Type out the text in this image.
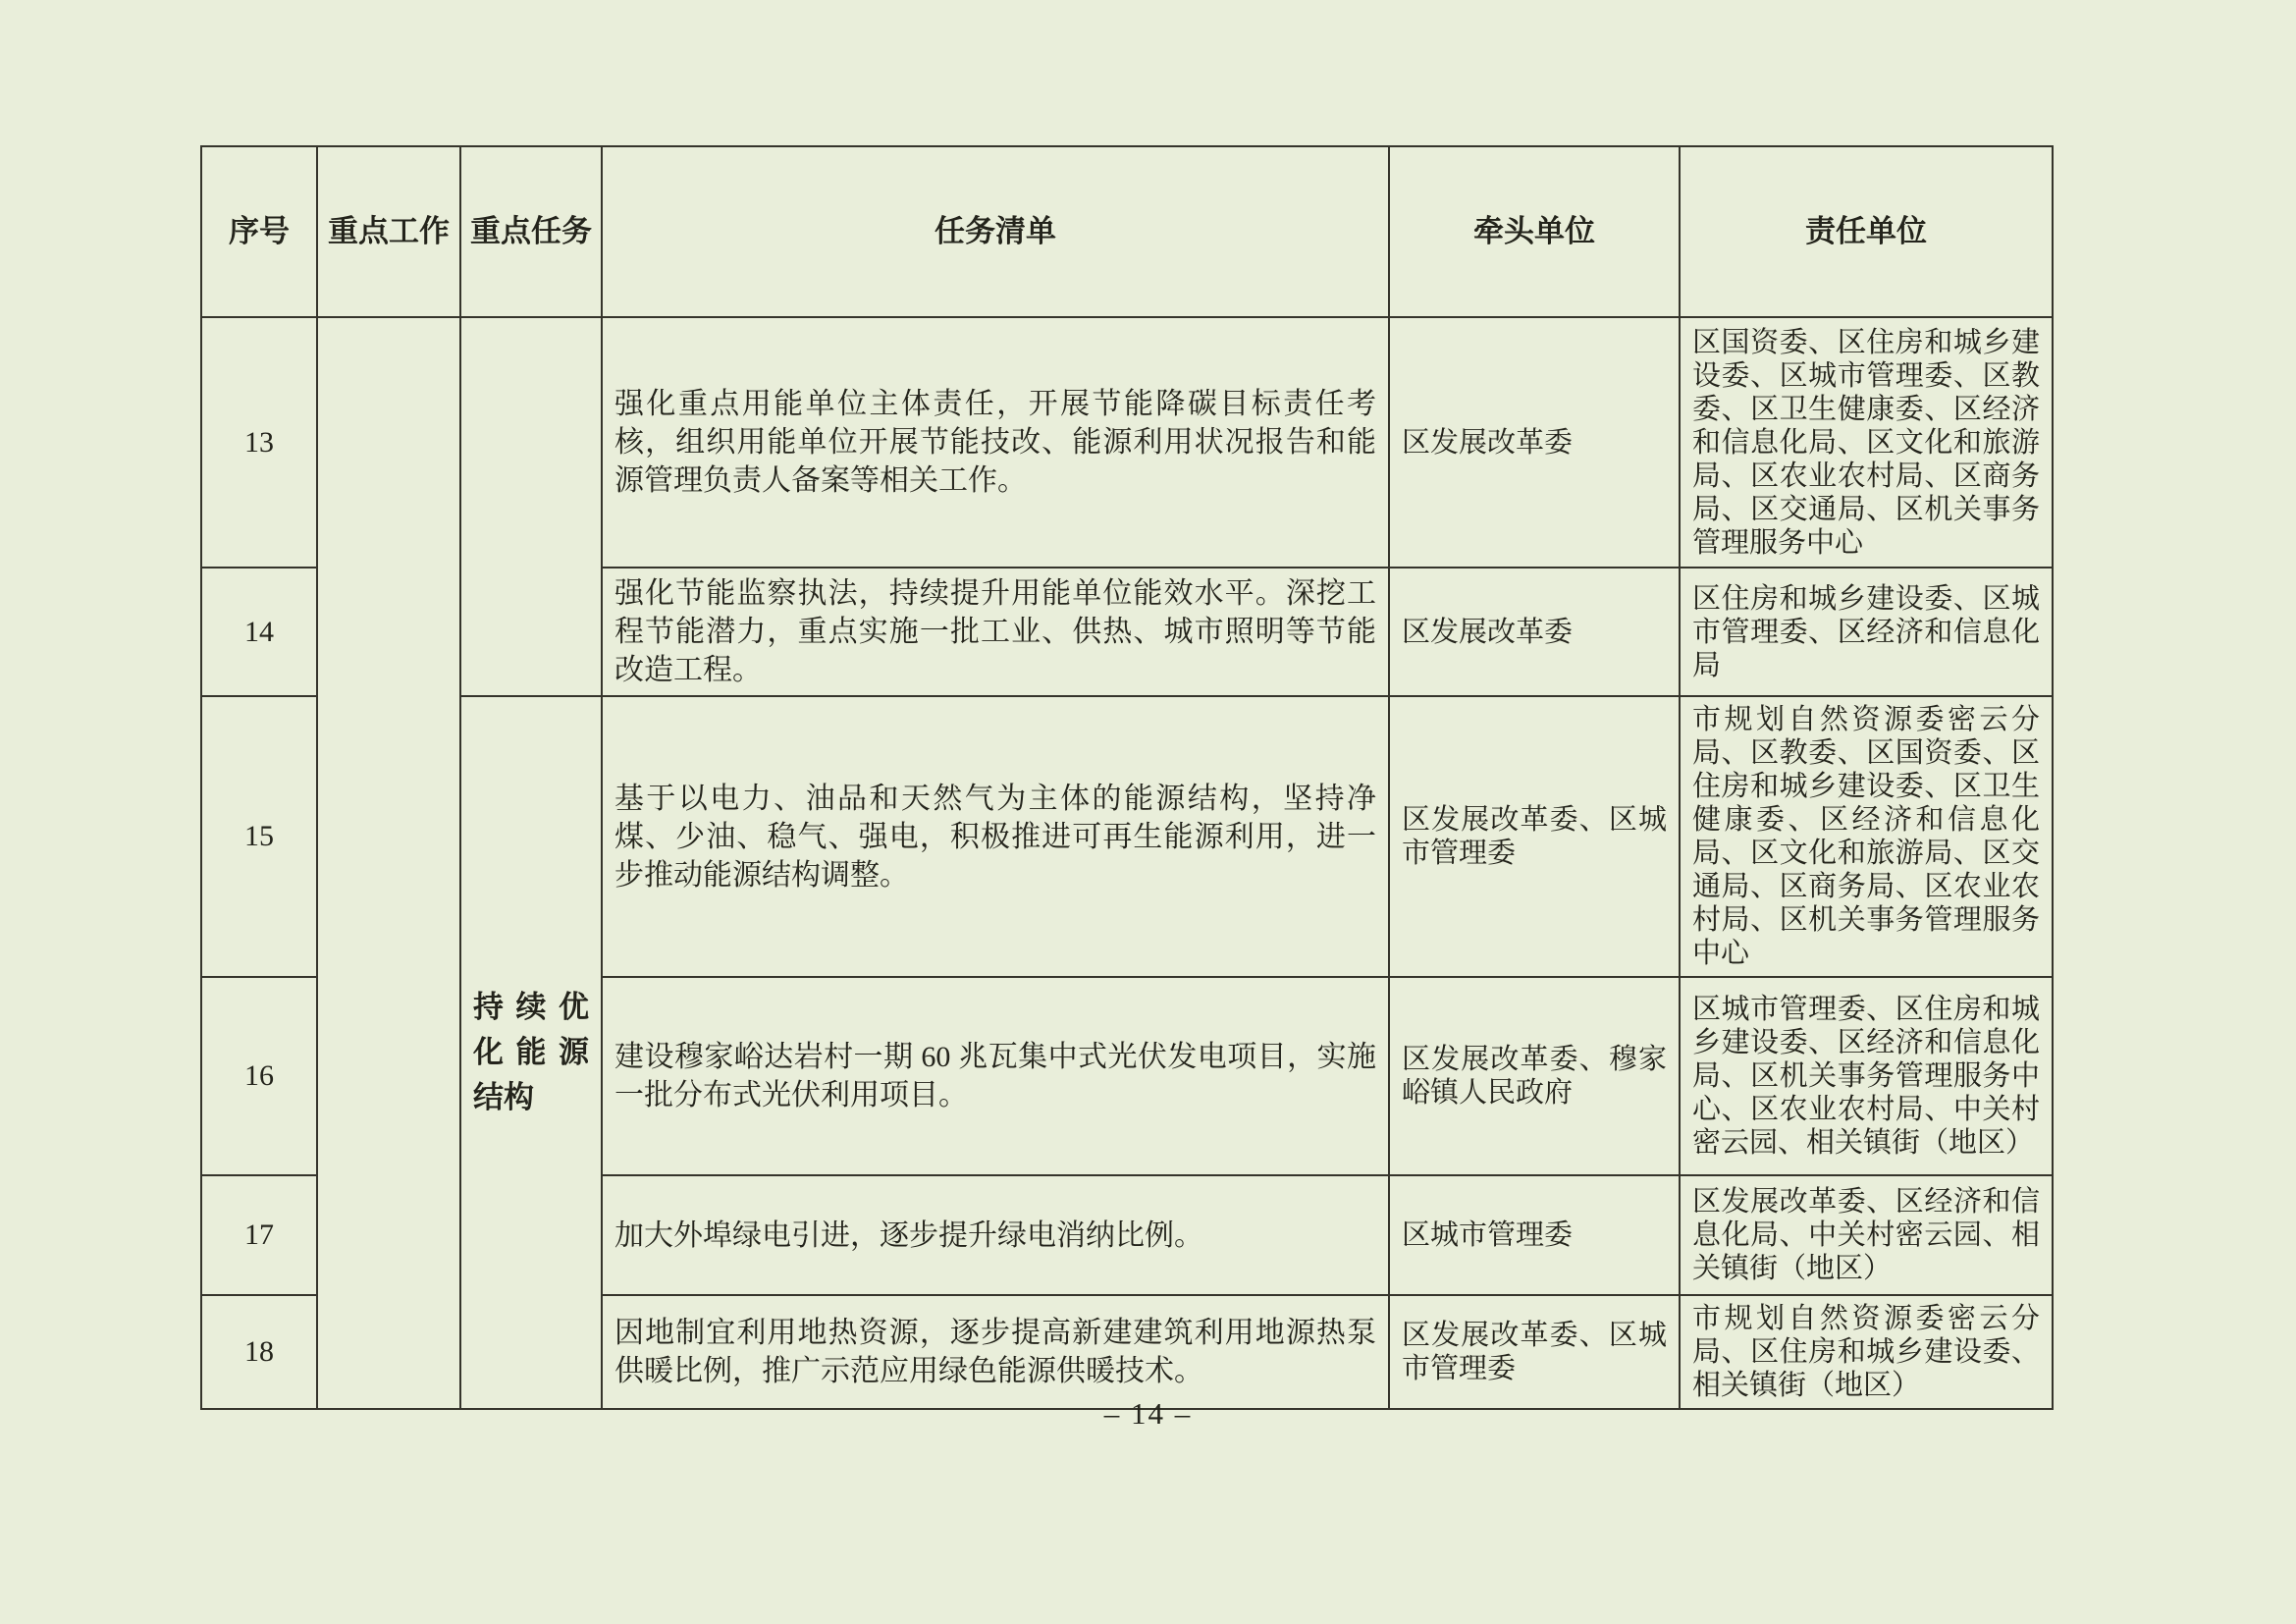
序号	重点工作	重点任务	任务清单	牵头单位	责任单位
13			强化重点用能单位主体责任，开展节能降碳目标责任考核，组织用能单位开展节能技改、能源利用状况报告和能源管理负责人备案等相关工作。	区发展改革委	区国资委、区住房和城乡建设委、区城市管理委、区教委、区卫生健康委、区经济和信息化局、区文化和旅游局、区农业农村局、区商务局、区交通局、区机关事务管理服务中心
14			强化节能监察执法，持续提升用能单位能效水平。深挖工程节能潜力，重点实施一批工业、供热、城市照明等节能改造工程。	区发展改革委	区住房和城乡建设委、区城市管理委、区经济和信息化局
15		持续优化能源结构	基于以电力、油品和天然气为主体的能源结构，坚持净煤、少油、稳气、强电，积极推进可再生能源利用，进一步推动能源结构调整。	区发展改革委、区城市管理委	市规划自然资源委密云分局、区教委、区国资委、区住房和城乡建设委、区卫生健康委、区经济和信息化局、区文化和旅游局、区交通局、区商务局、区农业农村局、区机关事务管理服务中心
16			建设穆家峪达岩村一期 60 兆瓦集中式光伏发电项目，实施一批分布式光伏利用项目。	区发展改革委、穆家峪镇人民政府	区城市管理委、区住房和城乡建设委、区经济和信息化局、区机关事务管理服务中心、区农业农村局、中关村密云园、相关镇街（地区）
17			加大外埠绿电引进，逐步提升绿电消纳比例。	区城市管理委	区发展改革委、区经济和信息化局、中关村密云园、相关镇街（地区）
18			因地制宜利用地热资源，逐步提高新建建筑利用地源热泵供暖比例，推广示范应用绿色能源供暖技术。	区发展改革委、区城市管理委	市规划自然资源委密云分局、区住房和城乡建设委、相关镇街（地区）
– 14 –
